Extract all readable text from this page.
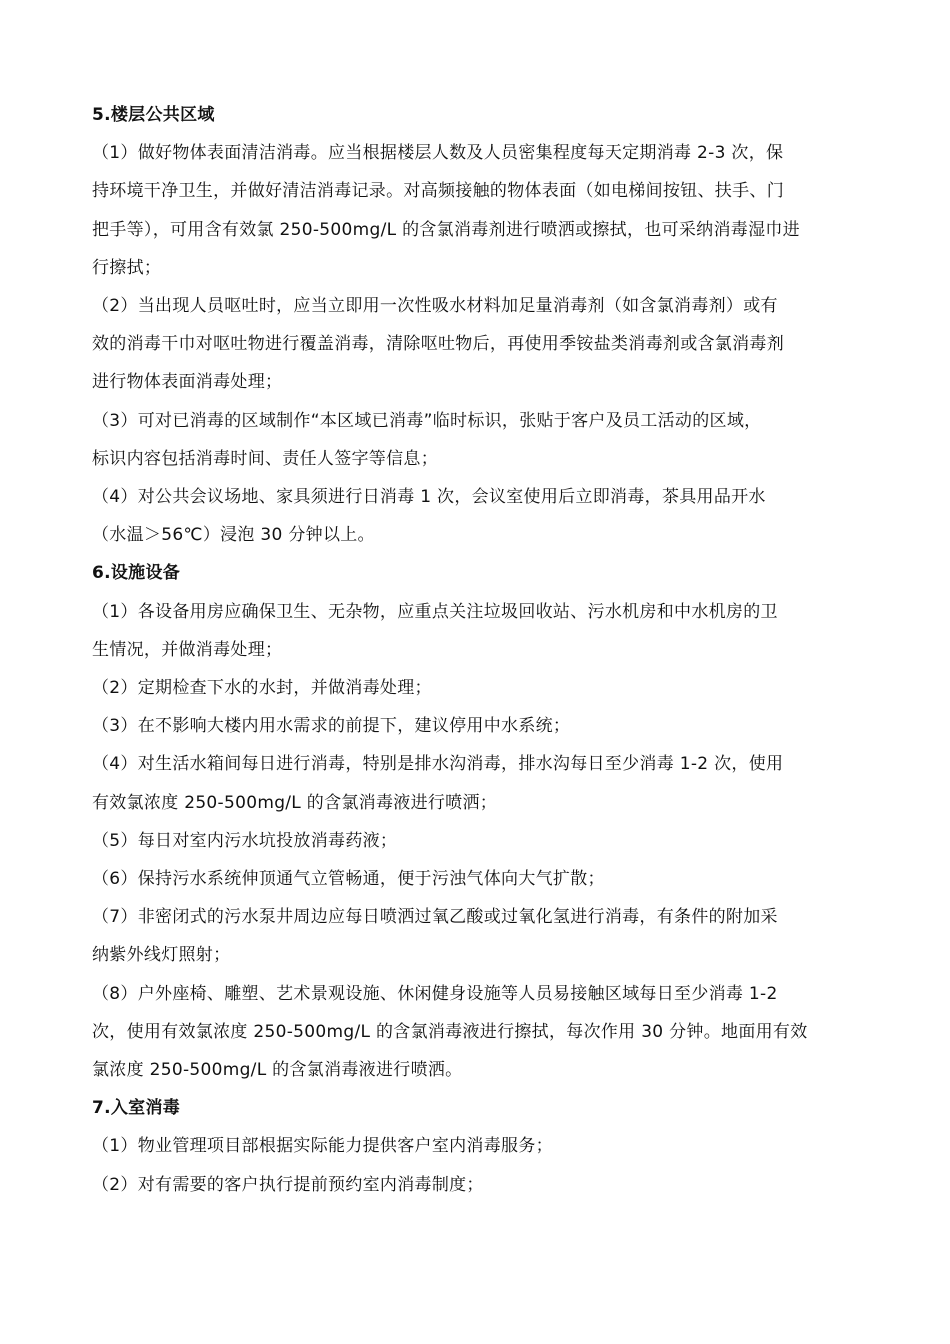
5.楼层公共区域
（1）做好物体表面清洁消毒。应当根据楼层人数及人员密集程度每天定期消毒 2-3 次，保
持环境干净卫生，并做好清洁消毒记录。对高频接触的物体表面（如电梯间按钮、扶手、门
把手等），可用含有效氯 250-500mg/L 的含氯消毒剂进行喷洒或擦拭，也可采纳消毒湿巾进
行擦拭；
（2）当出现人员呕吐时，应当立即用一次性吸水材料加足量消毒剂（如含氯消毒剂）或有
效的消毒干巾对呕吐物进行覆盖消毒，清除呕吐物后，再使用季铵盐类消毒剂或含氯消毒剂
进行物体表面消毒处理；
（3）可对已消毒的区域制作“本区域已消毒”临时标识，张贴于客户及员工活动的区域，
标识内容包括消毒时间、责任人签字等信息；
（4）对公共会议场地、家具须进行日消毒 1 次，会议室使用后立即消毒，茶具用品开水
（水温＞56℃）浸泡 30 分钟以上。
6.设施设备
（1）各设备用房应确保卫生、无杂物，应重点关注垃圾回收站、污水机房和中水机房的卫
生情况，并做消毒处理；
（2）定期检查下水的水封，并做消毒处理；
（3）在不影响大楼内用水需求的前提下，建议停用中水系统；
（4）对生活水箱间每日进行消毒，特别是排水沟消毒，排水沟每日至少消毒 1-2 次，使用
有效氯浓度 250-500mg/L 的含氯消毒液进行喷洒；
（5）每日对室内污水坑投放消毒药液；
（6）保持污水系统伸顶通气立管畅通，便于污浊气体向大气扩散；
（7）非密闭式的污水泵井周边应每日喷洒过氧乙酸或过氧化氢进行消毒，有条件的附加采
纳紫外线灯照射；
（8）户外座椅、雕塑、艺术景观设施、休闲健身设施等人员易接触区域每日至少消毒 1-2
次，使用有效氯浓度 250-500mg/L 的含氯消毒液进行擦拭，每次作用 30 分钟。地面用有效
氯浓度 250-500mg/L 的含氯消毒液进行喷洒。
7.入室消毒
（1）物业管理项目部根据实际能力提供客户室内消毒服务；
（2）对有需要的客户执行提前预约室内消毒制度；
